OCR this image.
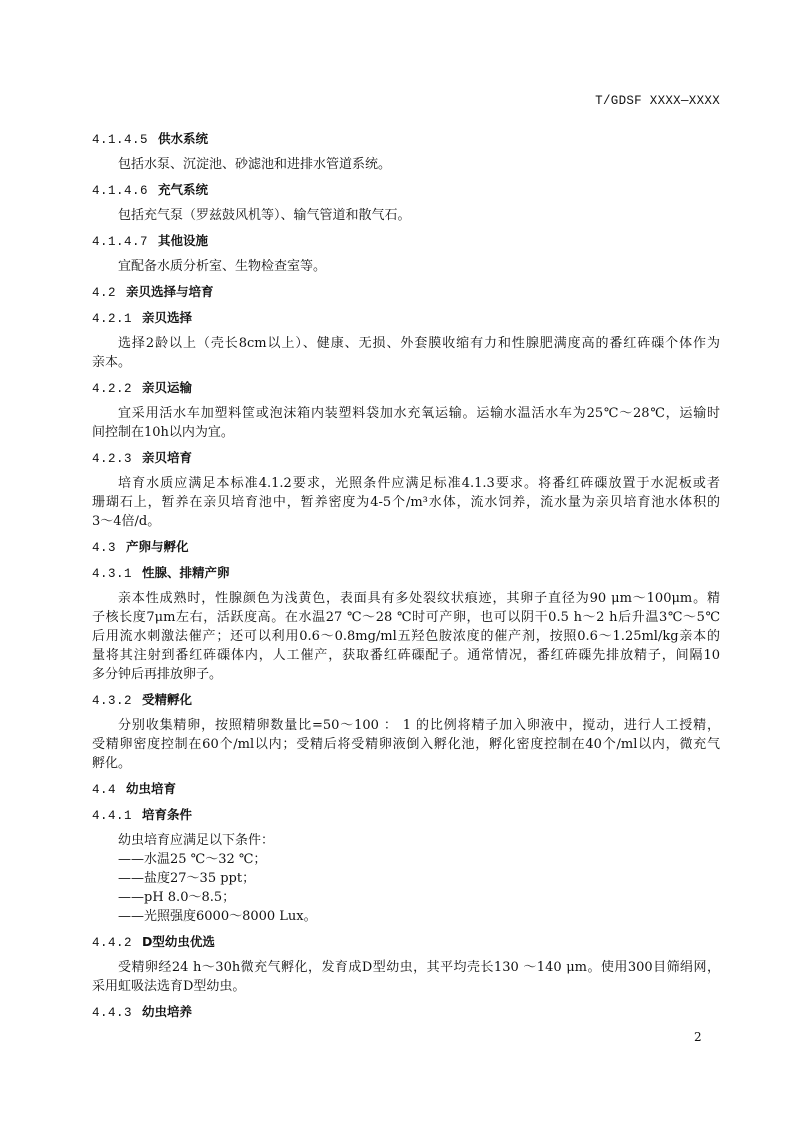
T/GDSF XXXX—XXXX
4.1.4.5 供水系统
包括水泵、沉淀池、砂滤池和进排水管道系统。
4.1.4.6 充气系统
包括充气泵（罗兹鼓风机等）、输气管道和散气石。
4.1.4.7 其他设施
宜配备水质分析室、生物检查室等。
4.2 亲贝选择与培育
4.2.1 亲贝选择
选择2龄以上（壳长8cm以上）、健康、无损、外套膜收缩有力和性腺肥满度高的番红砗磲个体作为
亲本。
4.2.2 亲贝运输
宜采用活水车加塑料筐或泡沫箱内装塑料袋加水充氧运输。运输水温活水车为25℃～28℃，运输时
间控制在10h以内为宜。
4.2.3 亲贝培育
培育水质应满足本标准4.1.2要求，光照条件应满足标准4.1.3要求。将番红砗磲放置于水泥板或者
珊瑚石上，暂养在亲贝培育池中，暂养密度为4-5个/m³水体，流水饲养，流水量为亲贝培育池水体积的
3～4倍/d。
4.3 产卵与孵化
4.3.1 性腺、排精产卵
亲本性成熟时，性腺颜色为浅黄色，表面具有多处裂纹状痕迹，其卵子直径为90 μm～100μm。精
子核长度7μm左右，活跃度高。在水温27 ℃～28 ℃时可产卵，也可以阴干0.5 h～2 h后升温3℃～5℃
后用流水刺激法催产；还可以利用0.6～0.8mg/ml五羟色胺浓度的催产剂，按照0.6～1.25ml/kg亲本的
量将其注射到番红砗磲体内，人工催产，获取番红砗磲配子。通常情况，番红砗磲先排放精子，间隔10
多分钟后再排放卵子。
4.3.2 受精孵化
分别收集精卵，按照精卵数量比=50～100 ： 1 的比例将精子加入卵液中，搅动，进行人工授精，
受精卵密度控制在60个/ml以内；受精后将受精卵液倒入孵化池，孵化密度控制在40个/ml以内，微充气
孵化。
4.4 幼虫培育
4.4.1 培育条件
幼虫培育应满足以下条件：
——水温25 ℃～32 ℃；
——盐度27～35 ppt；
——pH 8.0～8.5；
——光照强度6000～8000 Lux。
4.4.2 D型幼虫优选
受精卵经24 h～30h微充气孵化，发育成D型幼虫，其平均壳长130 ～140 μm。使用300目筛绢网，
采用虹吸法选育D型幼虫。
4.4.3 幼虫培养
2
